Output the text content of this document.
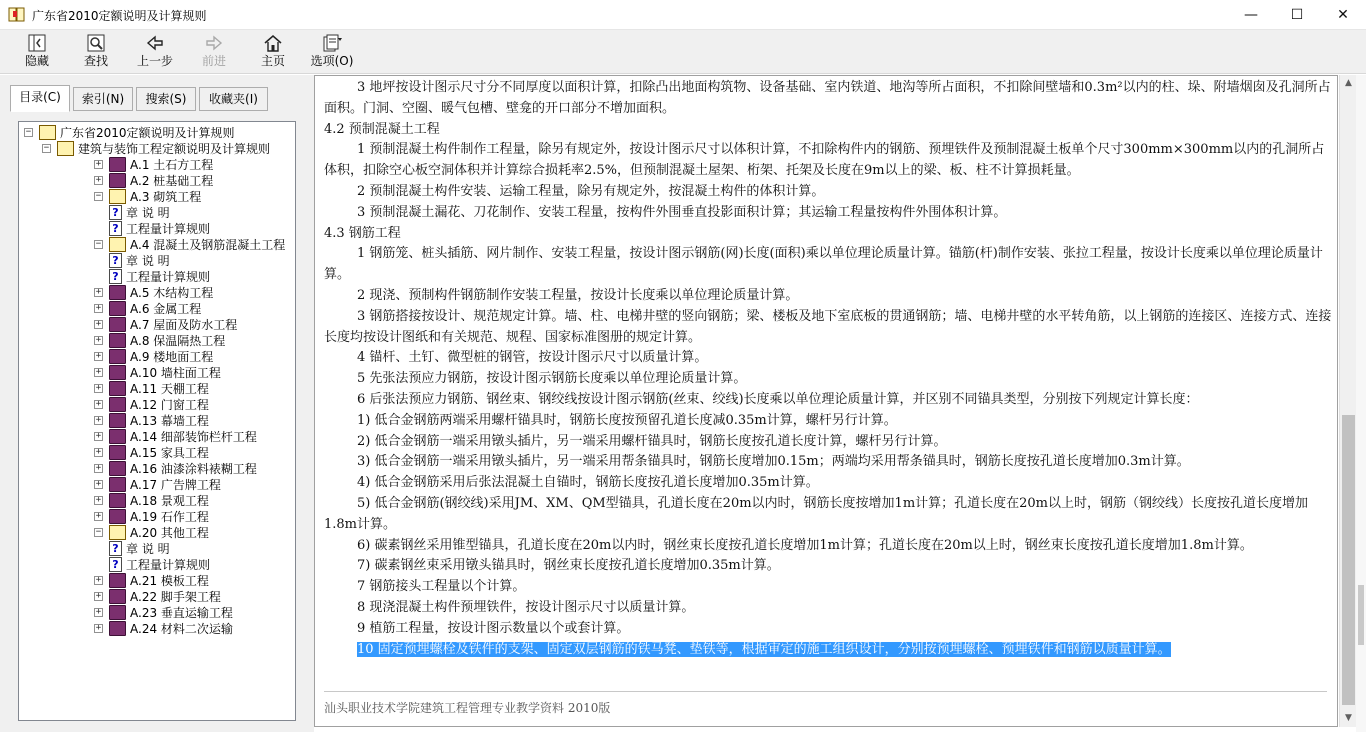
广东省2010定额说明及计算规则	—	☐	✕
隐藏	查找	上一步	前进	主页	选项(O)
目录(C)	索引(N)	搜索(S)	收藏夹(I)
− 广东省2010定额说明及计算规则
− 建筑与装饰工程定额说明及计算规则
+ A.1 土石方工程
+ A.2 桩基础工程
− A.3 砌筑工程
? 章 说 明
? 工程量计算规则
− A.4 混凝土及钢筋混凝土工程
? 章 说 明
? 工程量计算规则
+ A.5 木结构工程
+ A.6 金属工程
+ A.7 屋面及防水工程
+ A.8 保温隔热工程
+ A.9 楼地面工程
+ A.10 墙柱面工程
+ A.11 天棚工程
+ A.12 门窗工程
+ A.13 幕墙工程
+ A.14 细部装饰栏杆工程
+ A.15 家具工程
+ A.16 油漆涂料裱糊工程
+ A.17 广告牌工程
+ A.18 景观工程
+ A.19 石作工程
− A.20 其他工程
? 章 说 明
? 工程量计算规则
+ A.21 模板工程
+ A.22 脚手架工程
+ A.23 垂直运输工程
+ A.24 材料二次运输

3 地坪按设计图示尺寸分不同厚度以面积计算，扣除凸出地面构筑物、设备基础、室内铁道、地沟等所占面积，不扣除间壁墙和0.3m²以内的柱、垛、附墙烟囱及孔洞所占面积。门洞、空圈、暖气包槽、壁龛的开口部分不增加面积。

4.2 预制混凝土工程

1 预制混凝土构件制作工程量，除另有规定外，按设计图示尺寸以体积计算，不扣除构件内的钢筋、预埋铁件及预制混凝土板单个尺寸300mm×300mm以内的孔洞所占体积，扣除空心板空洞体积并计算综合损耗率2.5%，但预制混凝土屋架、桁架、托架及长度在9m以上的梁、板、柱不计算损耗量。

2 预制混凝土构件安装、运输工程量，除另有规定外，按混凝土构件的体积计算。

3 预制混凝土漏花、刀花制作、安装工程量，按构件外围垂直投影面积计算；其运输工程量按构件外围体积计算。

4.3 钢筋工程

1 钢筋笼、桩头插筋、网片制作、安装工程量，按设计图示钢筋(网)长度(面积)乘以单位理论质量计算。锚筋(杆)制作安装、张拉工程量，按设计长度乘以单位理论质量计算。

2 现浇、预制构件钢筋制作安装工程量，按设计长度乘以单位理论质量计算。

3 钢筋搭接按设计、规范规定计算。墙、柱、电梯井壁的竖向钢筋；梁、楼板及地下室底板的贯通钢筋；墙、电梯井壁的水平转角筋，以上钢筋的连接区、连接方式、连接长度均按设计图纸和有关规范、规程、国家标准图册的规定计算。

4 锚杆、土钉、微型桩的钢管，按设计图示尺寸以质量计算。

5 先张法预应力钢筋，按设计图示钢筋长度乘以单位理论质量计算。

6 后张法预应力钢筋、钢丝束、钢绞线按设计图示钢筋(丝束、绞线)长度乘以单位理论质量计算，并区别不同锚具类型，分别按下列规定计算长度：

1) 低合金钢筋两端采用螺杆锚具时，钢筋长度按预留孔道长度减0.35m计算，螺杆另行计算。

2) 低合金钢筋一端采用镦头插片，另一端采用螺杆锚具时，钢筋长度按孔道长度计算，螺杆另行计算。

3) 低合金钢筋一端采用镦头插片，另一端采用帮条锚具时，钢筋长度增加0.15m；两端均采用帮条锚具时，钢筋长度按孔道长度增加0.3m计算。

4) 低合金钢筋采用后张法混凝土自锚时，钢筋长度按孔道长度增加0.35m计算。

5) 低合金钢筋(钢绞线)采用JM、XM、QM型锚具，孔道长度在20m以内时，钢筋长度按增加1m计算；孔道长度在20m以上时，钢筋（钢绞线）长度按孔道长度增加1.8m计算。

6) 碳素钢丝采用锥型锚具，孔道长度在20m以内时，钢丝束长度按孔道长度增加1m计算；孔道长度在20m以上时，钢丝束长度按孔道长度增加1.8m计算。

7) 碳素钢丝束采用镦头锚具时，钢丝束长度按孔道长度增加0.35m计算。

7 钢筋接头工程量以个计算。

8 现浇混凝土构件预埋铁件，按设计图示尺寸以质量计算。

9 植筋工程量，按设计图示数量以个或套计算。

10 固定预埋螺栓及铁件的支架、固定双层钢筋的铁马凳、垫铁等，根据审定的施工组织设计，分别按预埋螺栓、预埋铁件和钢筋以质量计算。

汕头职业技术学院建筑工程管理专业教学资料 2010版
▲
▼
